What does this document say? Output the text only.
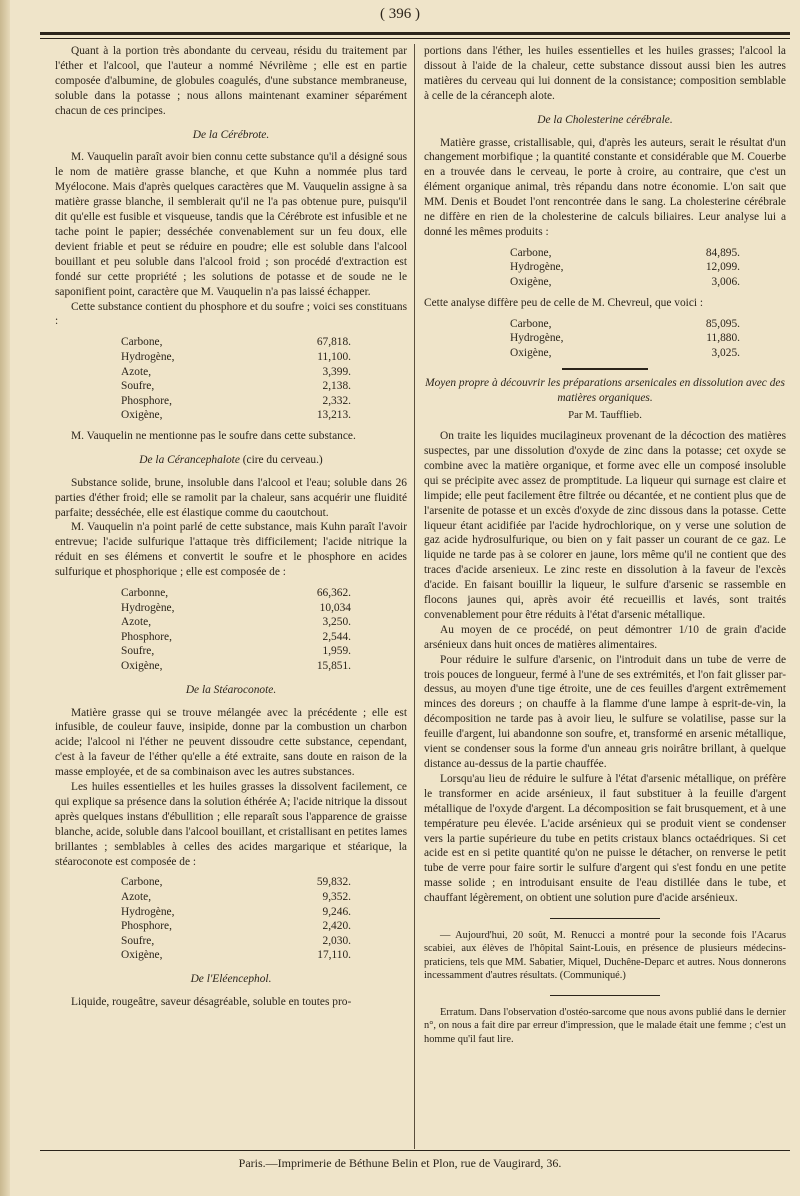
( 396 )

Quant à la portion très abondante du cerveau, résidu du traitement par l'éther et l'alcool, que l'auteur a nommé Névrilème ; elle est en partie composée d'albumine, de globules coagulés, d'une substance membraneuse, soluble dans la potasse ; nous allons maintenant examiner séparément chacun de ces principes.

De la Cérébrote.

M. Vauquelin paraît avoir bien connu cette substance qu'il a désigné sous le nom de matière grasse blanche, et que Kuhn a nommée plus tard Myélocone. Mais d'après quelques caractères que M. Vauquelin assigne à sa matière grasse blanche, il semblerait qu'il ne l'a pas obtenue pure, puisqu'il dit qu'elle est fusible et visqueuse, tandis que la Cérébrote est infusible et ne tache point le papier; desséchée convenablement sur un feu doux, elle devient friable et peut se réduire en poudre; elle est soluble dans l'alcool bouillant et peu soluble dans l'alcool froid ; son procédé d'extraction est fondé sur cette propriété ; les solutions de potasse et de soude ne le saponifient point, caractère que M. Vauquelin n'a pas laissé échapper.

Cette substance contient du phosphore et du soufre ; voici ses constituans :

Carbone,	67,818.
Hydrogène,	11,100.
Azote,	3,399.
Soufre,	2,138.
Phosphore,	2,332.
Oxigène,	13,213.

M. Vauquelin ne mentionne pas le soufre dans cette substance.

De la Cérancephalote (cire du cerveau.)

Substance solide, brune, insoluble dans l'alcool et l'eau; soluble dans 26 parties d'éther froid; elle se ramolit par la chaleur, sans acquérir une fluidité parfaite; desséchée, elle est élastique comme du caoutchout.

M. Vauquelin n'a point parlé de cette substance, mais Kuhn paraît l'avoir entrevue; l'acide sulfurique l'attaque très difficilement; l'acide nitrique la réduit en ses élémens et convertit le soufre et le phosphore en acides sulfurique et phosphorique ; elle est composée de :

Carbonne,	66,362.
Hydrogène,	10,034
Azote,	3,250.
Phosphore,	2,544.
Soufre,	1,959.
Oxigène,	15,851.
De la Stéaroconote.

Matière grasse qui se trouve mélangée avec la précédente ; elle est infusible, de couleur fauve, insipide, donne par la combustion un charbon acide; l'alcool ni l'éther ne peuvent dissoudre cette substance, cependant, c'est à la faveur de l'éther qu'elle a été extraite, sans doute en raison de la masse employée, et de sa combinaison avec les autres substances.

Les huiles essentielles et les huiles grasses la dissolvent facilement, ce qui explique sa présence dans la solution éthérée A; l'acide nitrique la dissout après quelques instans d'ébullition ; elle reparaît sous l'apparence de graisse blanche, acide, soluble dans l'alcool bouillant, et cristallisant en petites lames brillantes ; semblables à celles des acides margarique et stéarique, la stéaroconote est composée de :

Carbone,	59,832.
Azote,	9,352.
Hydrogène,	9,246.
Phosphore,	2,420.
Soufre,	2,030.
Oxigène,	17,110.
De l'Eléencephol.

Liquide, rougeâtre, saveur désagréable, soluble en toutes pro-

portions dans l'éther, les huiles essentielles et les huiles grasses; l'alcool la dissout à l'aide de la chaleur, cette substance dissout aussi bien les autres matières du cerveau qui lui donnent de la consistance; composition semblable à celle de la céranceph alote.

De la Cholesterine cérébrale.

Matière grasse, cristallisable, qui, d'après les auteurs, serait le résultat d'un changement morbifique ; la quantité constante et considérable que M. Couerbe en a trouvée dans le cerveau, le porte à croire, au contraire, que c'est un élément organique animal, très répandu dans notre économie. L'on sait que MM. Denis et Boudet l'ont rencontrée dans le sang. La cholesterine cérébrale ne diffère en rien de la cholesterine de calculs biliaires. Leur analyse lui a donné les mêmes produits :

Carbone,	84,895.
Hydrogène,	12,099.
Oxigène,	3,006.

Cette analyse diffère peu de celle de M. Chevreul, que voici :

Carbone,	85,095.
Hydrogène,	11,880.
Oxigène,	3,025.
Moyen propre à découvrir les préparations arsenicales en dissolution avec des matières organiques.
Par M. Taufflieb.

On traite les liquides mucilagineux provenant de la décoction des matières suspectes, par une dissolution d'oxyde de zinc dans la potasse; cet oxyde se combine avec la matière organique, et forme avec elle un composé insoluble qui se précipite avec assez de promptitude. La liqueur qui surnage est claire et limpide; elle peut facilement être filtrée ou décantée, et ne contient plus que de l'arsenite de potasse et un excès d'oxyde de zinc dissous dans la potasse. Cette liqueur étant acidifiée par l'acide hydrochlorique, on y verse une solution de gaz acide hydrosulfurique, ou bien on y fait passer un courant de ce gaz. Le liquide ne tarde pas à se colorer en jaune, lors même qu'il ne contient que des traces d'acide arsenieux. Le zinc reste en dissolution à la faveur de l'excès d'acide. En faisant bouillir la liqueur, le sulfure d'arsenic se rassemble en flocons jaunes qui, après avoir été recueillis et lavés, sont traités convenablement pour être réduits à l'état d'arsenic métallique.

Au moyen de ce procédé, on peut démontrer 1/10 de grain d'acide arsénieux dans huit onces de matières alimentaires.

Pour réduire le sulfure d'arsenic, on l'introduit dans un tube de verre de trois pouces de longueur, fermé à l'une de ses extrémités, et l'on fait glisser par-dessus, au moyen d'une tige étroite, une de ces feuilles d'argent extrêmement minces des doreurs ; on chauffe à la flamme d'une lampe à esprit-de-vin, la décomposition ne tarde pas à avoir lieu, le sulfure se volatilise, passe sur la feuille d'argent, lui abandonne son soufre, et, transformé en arsenic métallique, vient se condenser sous la forme d'un anneau gris noirâtre brillant, à quelque distance au-dessus de la partie chauffée.

Lorsqu'au lieu de réduire le sulfure à l'état d'arsenic métallique, on préfère le transformer en acide arsénieux, il faut substituer à la feuille d'argent métallique de l'oxyde d'argent. La décomposition se fait brusquement, et à une température peu élevée. L'acide arsénieux qui se produit vient se condenser vers la partie supérieure du tube en petits cristaux blancs octaédriques. Si cet acide est en si petite quantité qu'on ne puisse le détacher, on renverse le petit tube de verre pour faire sortir le sulfure d'argent qui s'est fondu en une petite masse solide ; en introduisant ensuite de l'eau distillée dans le tube, et chauffant légèrement, on obtient une solution pure d'acide arsénieux.

— Aujourd'hui, 20 soût, M. Renucci a montré pour la seconde fois l'Acarus scabiei, aux élèves de l'hôpital Saint-Louis, en présence de plusieurs médecins-praticiens, tels que MM. Sabatier, Miquel, Duchêne-Deparc et autres. Nous donnerons incessamment d'autres résultats. (Communiqué.)

Erratum. Dans l'observation d'ostéo-sarcome que nous avons publié dans le dernier n°, on nous a fait dire par erreur d'impression, que le malade était une femme ; c'est un homme qu'il faut lire.

Paris.—Imprimerie de Béthune Belin et Plon, rue de Vaugirard, 36.
